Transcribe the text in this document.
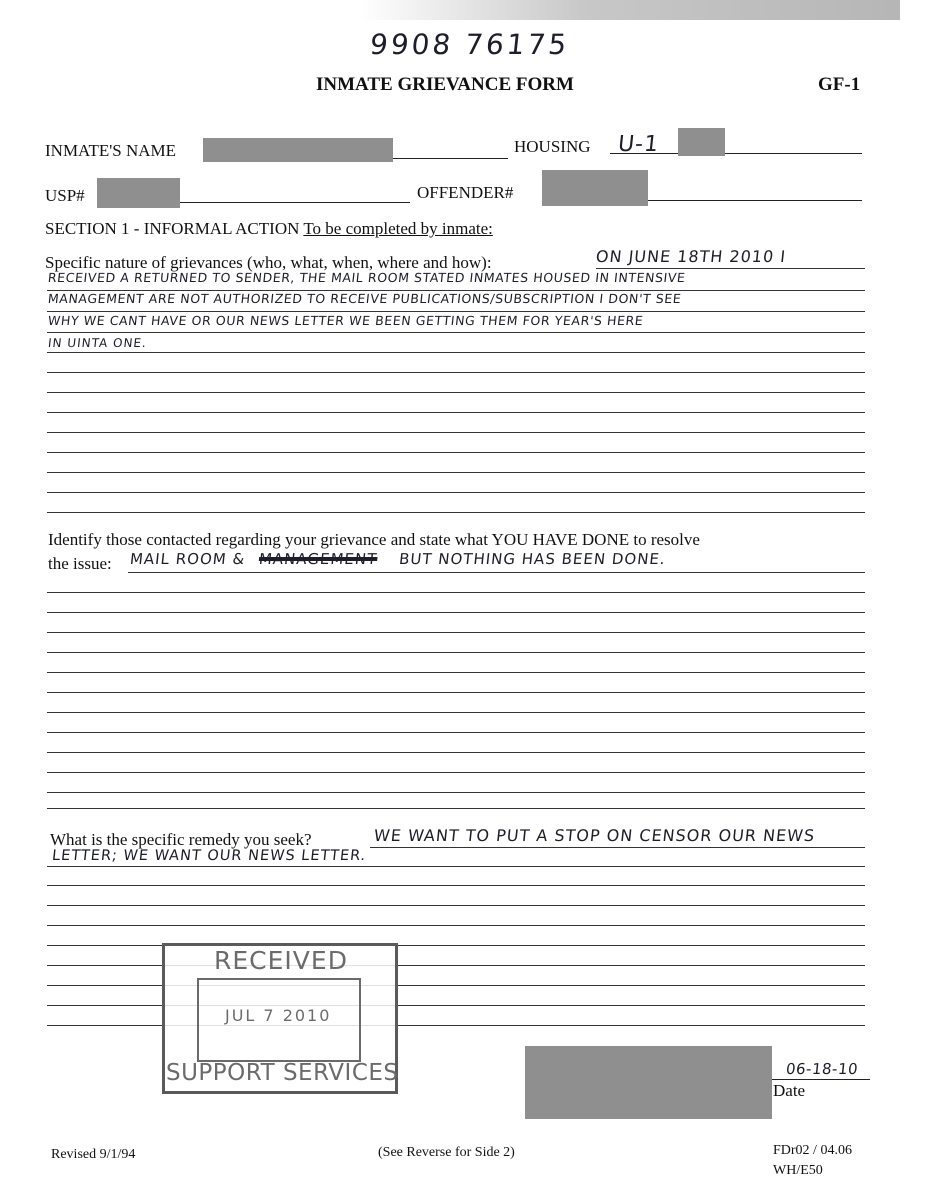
9908 76175
INMATE GRIEVANCE FORM	GF-1
INMATE'S NAME	HOUSING U-1
USP#	OFFENDER#
SECTION 1 - INFORMAL ACTION To be completed by inmate:
Specific nature of grievances (who, what, when, where and how):	ON JUNE 18TH 2010 I
RECEIVED A RETURNED TO SENDER, THE MAIL ROOM STATED INMATES HOUSED IN INTENSIVE
MANAGEMENT ARE NOT AUTHORIZED TO RECEIVE PUBLICATIONS/SUBSCRIPTION I DON'T SEE
WHY WE CANT HAVE OR OUR NEWS LETTER WE BEEN GETTING THEM FOR YEAR'S HERE
IN UINTA ONE.
Identify those contacted regarding your grievance and state what YOU HAVE DONE to resolve
the issue: MAIL ROOM & MANAGEMENT BUT NOTHING HAS BEEN DONE.
What is the specific remedy you seek?	WE WANT TO PUT A STOP ON CENSOR OUR NEWS
LETTER; WE WANT OUR NEWS LETTER.
RECEIVED
JUL 7 2010
SUPPORT SERVICES	06-18-10
Date
Revised 9/1/94	(See Reverse for Side 2)	FDr02 / 04.06
WH/E50
